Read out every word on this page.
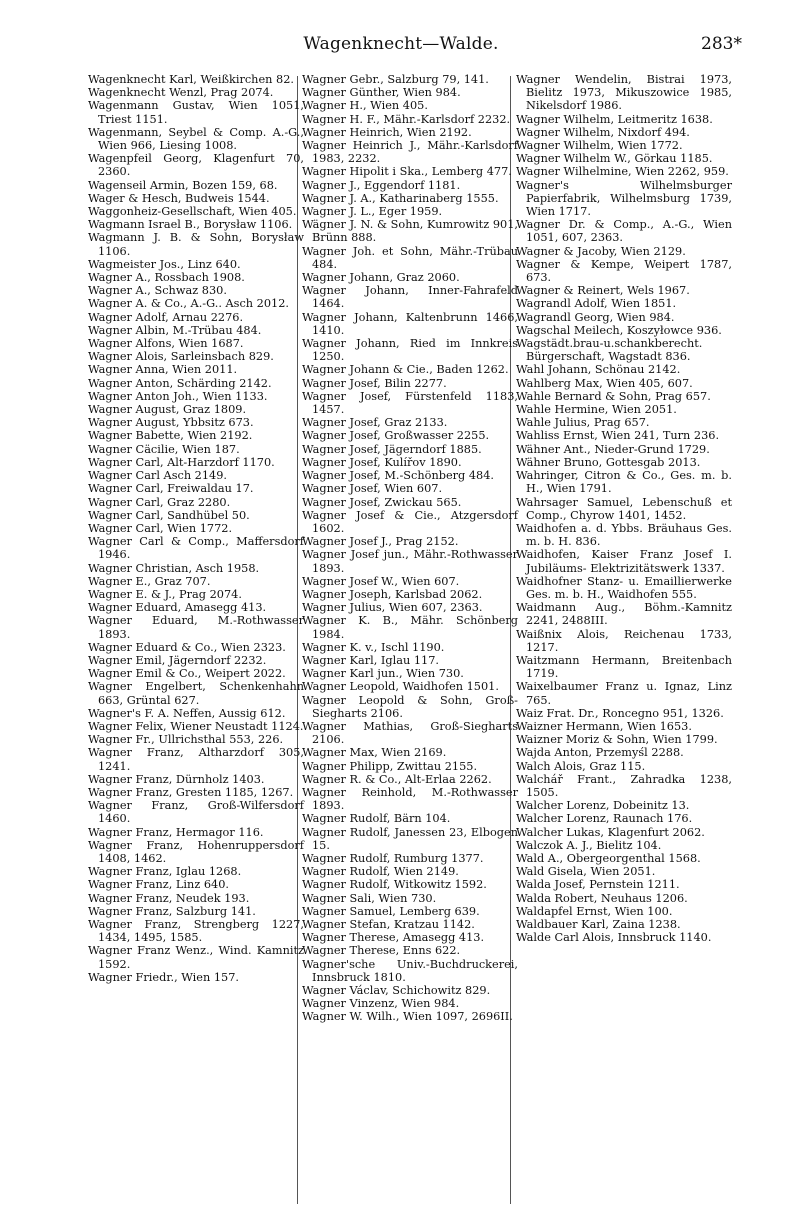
Wagenknecht—Walde.	283*

Wagenknecht Karl, Weißkirchen 82.

Wagenknecht Wenzl, Prag 2074.

Wagenmann Gustav, Wien 1051, Triest 1151.

Wagenmann, Seybel & Comp. A.-G., Wien 966, Liesing 1008.

Wagenpfeil Georg, Klagenfurt 70, 2360.

Wagenseil Armin, Bozen 159, 68.

Wager & Hesch, Budweis 1544.

Waggonheiz-Gesellschaft, Wien 405.

Wagmann Israel B., Borysław 1106.

Wagmann J. B. & Sohn, Borysław 1106.

Wagmeister Jos., Linz 640.

Wagner A., Rossbach 1908.

Wagner A., Schwaz 830.

Wagner A. & Co., A.-G.. Asch 2012.

Wagner Adolf, Arnau 2276.

Wagner Albin, M.-Trübau 484.

Wagner Alfons, Wien 1687.

Wagner Alois, Sarleinsbach 829.

Wagner Anna, Wien 2011.

Wagner Anton, Schärding 2142.

Wagner Anton Joh., Wien 1133.

Wagner August, Graz 1809.

Wagner August, Ybbsitz 673.

Wagner Babette, Wien 2192.

Wagner Cäcilie, Wien 187.

Wagner Carl, Alt-Harzdorf 1170.

Wagner Carl Asch 2149.

Wagner Carl, Freiwaldau 17.

Wagner Carl, Graz 2280.

Wagner Carl, Sandhübel 50.

Wagner Carl, Wien 1772.

Wagner Carl & Comp., Maffersdorf 1946.

Wagner Christian, Asch 1958.

Wagner E., Graz 707.

Wagner E. & J., Prag 2074.

Wagner Eduard, Amasegg 413.

Wagner Eduard, M.-Rothwasser 1893.

Wagner Eduard & Co., Wien 2323.

Wagner Emil, Jägerndorf 2232.

Wagner Emil & Co., Weipert 2022.

Wagner Engelbert, Schenkenhahn 663, Grüntal 627.

Wagner's F. A. Neffen, Aussig 612.

Wagner Felix, Wiener Neustadt 1124.

Wagner Fr., Ullrichsthal 553, 226.

Wagner Franz, Altharzdorf 305, 1241.

Wagner Franz, Dürnholz 1403.

Wagner Franz, Gresten 1185, 1267.

Wagner Franz, Groß-Wilfersdorf 1460.

Wagner Franz, Hermagor 116.

Wagner Franz, Hohenruppersdorf 1408, 1462.

Wagner Franz, Iglau 1268.

Wagner Franz, Linz 640.

Wagner Franz, Neudek 193.

Wagner Franz, Salzburg 141.

Wagner Franz, Strengberg 1227, 1434, 1495, 1585.

Wagner Franz Wenz., Wind. Kamnitz 1592.

Wagner Friedr., Wien 157.

Wagner Gebr., Salzburg 79, 141.

Wagner Günther, Wien 984.

Wagner H., Wien 405.

Wagner H. F., Mähr.-Karlsdorf 2232.

Wagner Heinrich, Wien 2192.

Wagner Heinrich J., Mähr.-Karlsdorf 1983, 2232.

Wagner Hipolit i Ska., Lemberg 477.

Wagner J., Eggendorf 1181.

Wagner J. A., Katharinaberg 1555.

Wagner J. L., Eger 1959.

Wägner J. N. & Sohn, Kumrowitz 901, Brünn 888.

Wagner Joh. et Sohn, Mähr.-Trübau 484.

Wagner Johann, Graz 2060.

Wagner Johann, Inner-Fahrafeld 1464.

Wagner Johann, Kaltenbrunn 1466, 1410.

Wagner Johann, Ried im Innkreis 1250.

Wagner Johann & Cie., Baden 1262.

Wagner Josef, Bilin 2277.

Wagner Josef, Fürstenfeld 1183, 1457.

Wagner Josef, Graz 2133.

Wagner Josef, Großwasser 2255.

Wagner Josef, Jägerndorf 1885.

Wagner Josef, Kulířov 1890.

Wagner Josef, M.-Schönberg 484.

Wagner Josef, Wien 607.

Wagner Josef, Zwickau 565.

Wagner Josef & Cie., Atzgersdorf 1602.

Wagner Josef J., Prag 2152.

Wagner Josef jun., Mähr.-Rothwasser 1893.

Wagner Josef W., Wien 607.

Wagner Joseph, Karlsbad 2062.

Wagner Julius, Wien 607, 2363.

Wagner K. B., Mähr. Schönberg 1984.

Wagner K. v., Ischl 1190.

Wagner Karl, Iglau 117.

Wagner Karl jun., Wien 730.

Wagner Leopold, Waidhofen 1501.

Wagner Leopold & Sohn, Groß-Siegharts 2106.

Wagner Mathias, Groß-Siegharts 2106.

Wagner Max, Wien 2169.

Wagner Philipp, Zwittau 2155.

Wagner R. & Co., Alt-Erlaa 2262.

Wagner Reinhold, M.-Rothwasser 1893.

Wagner Rudolf, Bärn 104.

Wagner Rudolf, Janessen 23, Elbogen 15.

Wagner Rudolf, Rumburg 1377.

Wagner Rudolf, Wien 2149.

Wagner Rudolf, Witkowitz 1592.

Wagner Sali, Wien 730.

Wagner Samuel, Lemberg 639.

Wagner Stefan, Kratzau 1142.

Wagner Therese, Amasegg 413.

Wagner Therese, Enns 622.

Wagner'sche Univ.-Buchdruckerei, Innsbruck 1810.

Wagner Václav, Schichowitz 829.

Wagner Vinzenz, Wien 984.

Wagner W. Wilh., Wien 1097, 2696II.

Wagner Wendelin, Bistrai 1973, Bielitz 1973, Mikuszowice 1985, Nikelsdorf 1986.

Wagner Wilhelm, Leitmeritz 1638.

Wagner Wilhelm, Nixdorf 494.

Wagner Wilhelm, Wien 1772.

Wagner Wilhelm W., Görkau 1185.

Wagner Wilhelmine, Wien 2262, 959.

Wagner's Wilhelmsburger Papierfabrik, Wilhelmsburg 1739, Wien 1717.

Wagner Dr. & Comp., A.-G., Wien 1051, 607, 2363.

Wagner & Jacoby, Wien 2129.

Wagner & Kempe, Weipert 1787, 673.

Wagner & Reinert, Wels 1967.

Wagrandl Adolf, Wien 1851.

Wagrandl Georg, Wien 984.

Wagschal Meilech, Koszyłowce 936.

Wagstädt.brau-u.schankberecht. Bürgerschaft, Wagstadt 836.

Wahl Johann, Schönau 2142.

Wahlberg Max, Wien 405, 607.

Wahle Bernard & Sohn, Prag 657.

Wahle Hermine, Wien 2051.

Wahle Julius, Prag 657.

Wahliss Ernst, Wien 241, Turn 236.

Wähner Ant., Nieder-Grund 1729.

Wähner Bruno, Gottesgab 2013.

Wahringer, Citron & Co., Ges. m. b. H., Wien 1791.

Wahrsager Samuel, Lebenschuß et Comp., Chyrow 1401, 1452.

Waidhofen a. d. Ybbs. Bräuhaus Ges. m. b. H. 836.

Waidhofen, Kaiser Franz Josef I. Jubiläums- Elektrizitätswerk 1337.

Waidhofner Stanz- u. Emaillierwerke Ges. m. b. H., Waidhofen 555.

Waidmann Aug., Böhm.-Kamnitz 2241, 2488III.

Waißnix Alois, Reichenau 1733, 1217.

Waitzmann Hermann, Breitenbach 1719.

Waixelbaumer Franz u. Ignaz, Linz 765.

Waiz Frat. Dr., Roncegno 951, 1326.

Waizner Hermann, Wien 1653.

Waizner Moriz & Sohn, Wien 1799.

Wajda Anton, Przemyśl 2288.

Walch Alois, Graz 115.

Walchář Frant., Zahradka 1238, 1505.

Walcher Lorenz, Dobeinitz 13.

Walcher Lorenz, Raunach 176.

Walcher Lukas, Klagenfurt 2062.

Walczok A. J., Bielitz 104.

Wald A., Obergeorgenthal 1568.

Wald Gisela, Wien 2051.

Walda Josef, Pernstein 1211.

Walda Robert, Neuhaus 1206.

Waldapfel Ernst, Wien 100.

Waldbauer Karl, Zaina 1238.

Walde Carl Alois, Innsbruck 1140.
